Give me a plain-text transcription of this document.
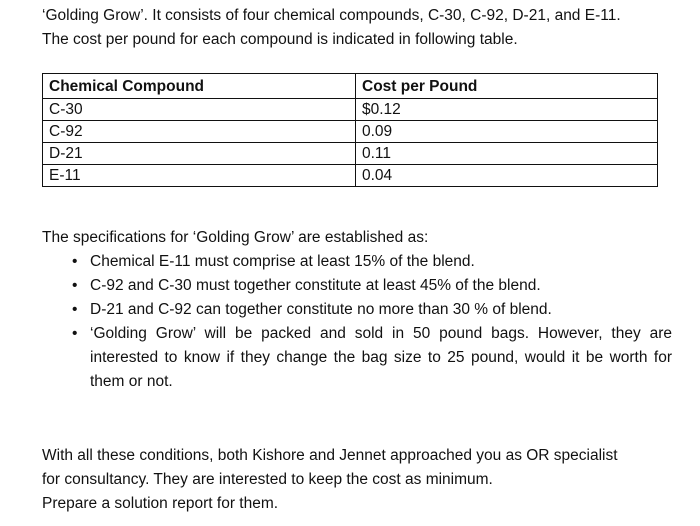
‘Golding Grow’. It consists of four chemical compounds, C-30, C-92, D-21, and E-11.

The cost per pound for each compound is indicated in following table.

Chemical Compound	Cost per Pound
C-30	$0.12
C-92	0.09
D-21	0.11
E-11	0.04

The specifications for ‘Golding Grow’ are established as:

• Chemical E-11 must comprise at least 15% of the blend.
• C-92 and C-30 must together constitute at least 45% of the blend.
• D-21 and C-92 can together constitute no more than 30 % of blend.
• ‘Golding Grow’ will be packed and sold in 50 pound bags. However, they are interested to know if they change the bag size to 25 pound, would it be worth for them or not.

With all these conditions, both Kishore and Jennet approached you as OR specialist

for consultancy. They are interested to keep the cost as minimum.

Prepare a solution report for them.
